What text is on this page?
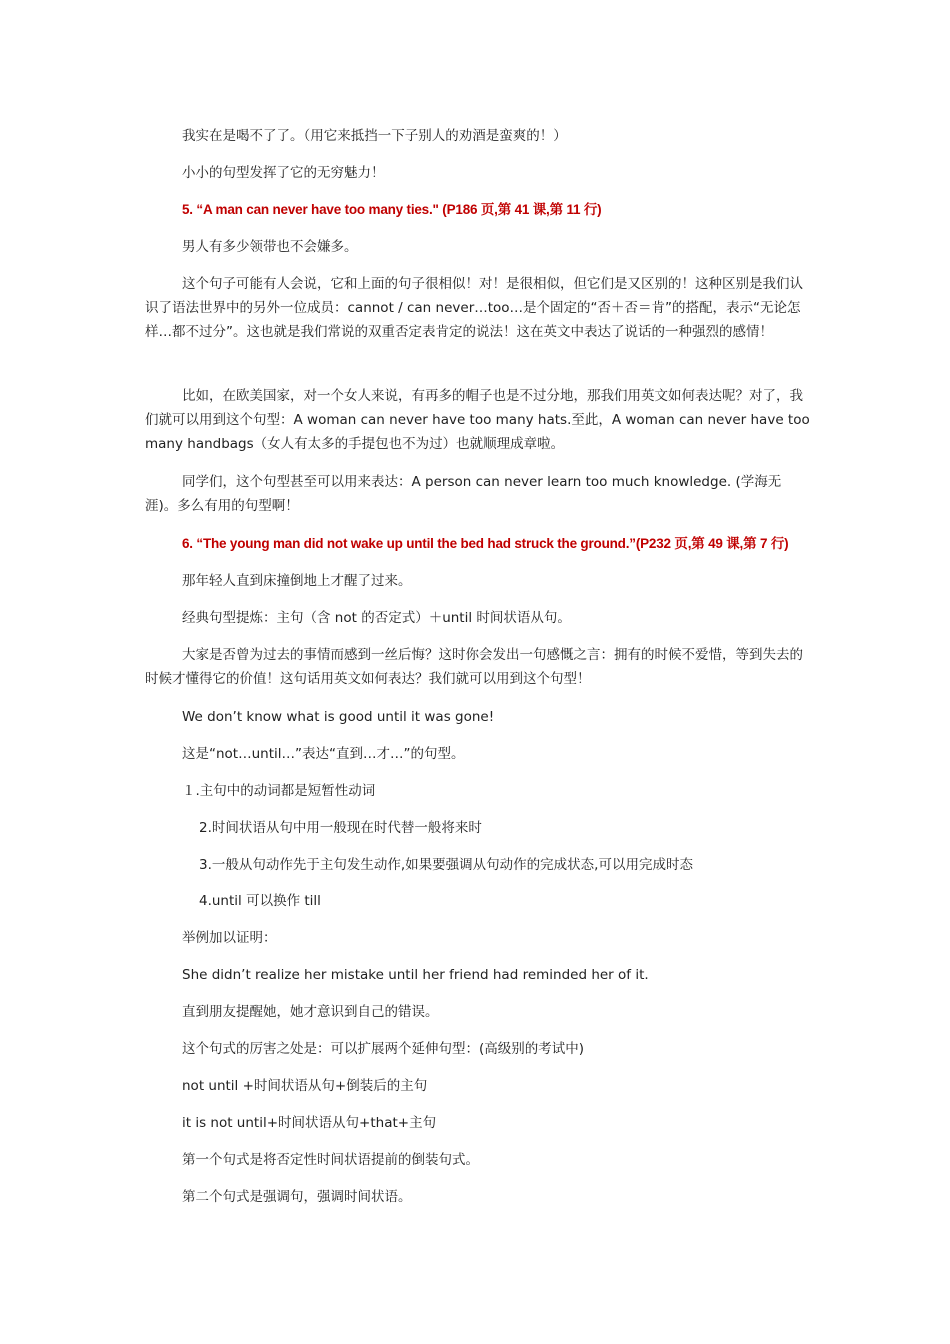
我实在是喝不了了。（用它来抵挡一下子别人的劝酒是蛮爽的！）

小小的句型发挥了它的无穷魅力！

5. “A man can never have too many ties." (P186 页,第 41 课,第 11 行)

男人有多少领带也不会嫌多。

这个句子可能有人会说，它和上面的句子很相似！对！是很相似，但它们是又区别的！这种区别是我们认识了语法世界中的另外一位成员：cannot / can never…too…是个固定的“否＋否＝肯”的搭配，表示“无论怎样…都不过分”。这也就是我们常说的双重否定表肯定的说法！这在英文中表达了说话的一种强烈的感情！

比如，在欧美国家，对一个女人来说，有再多的帽子也是不过分地，那我们用英文如何表达呢？对了，我们就可以用到这个句型：A woman can never have too many hats.至此，A woman can never have too many handbags（女人有太多的手提包也不为过）也就顺理成章啦。

同学们，这个句型甚至可以用来表达：A person can never learn too much knowledge. (学海无涯)。多么有用的句型啊！

6. “The young man did not wake up until the bed had struck the ground.”(P232 页,第 49 课,第 7 行)

那年轻人直到床撞倒地上才醒了过来。

经典句型提炼：主句（含 not 的否定式）＋until 时间状语从句。

大家是否曾为过去的事情而感到一丝后悔？这时你会发出一句感慨之言：拥有的时候不爱惜，等到失去的时候才懂得它的价值！这句话用英文如何表达？我们就可以用到这个句型！

We don’t know what is good until it was gone!

这是“not…until…”表达“直到…才…”的句型。

１.主句中的动词都是短暂性动词

2.时间状语从句中用一般现在时代替一般将来时

3.一般从句动作先于主句发生动作,如果要强调从句动作的完成状态,可以用完成时态

4.until 可以换作 till

举例加以证明：

She didn’t realize her mistake until her friend had reminded her of it.

直到朋友提醒她，她才意识到自己的错误。

这个句式的厉害之处是：可以扩展两个延伸句型：(高级别的考试中)

not until +时间状语从句+倒装后的主句

it is not until+时间状语从句+that+主句

第一个句式是将否定性时间状语提前的倒装句式。

第二个句式是强调句，强调时间状语。
